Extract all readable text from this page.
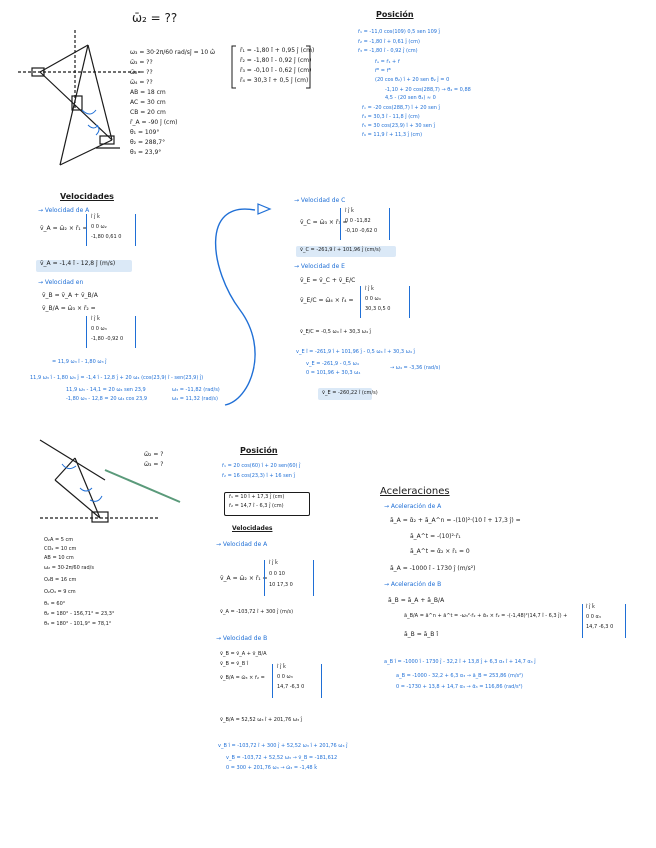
ω̄₂ = ??
ω₃ = 30·2π/60 rad/s
ω̄₃ = ??
ω̄₂ = ??
ω̄₄ = ??
AB = 18 cm
AC = 30 cm
CB = 20 cm
r̄_A = -90 ĵ (cm)
θ₁ = 109°
θ₂ = 288,7°
θ₃ = 23,9°
ĵ = 10 ω̂	r̄₁ = -1,80 î + 0,95 ĵ (cm)
r̄₂ = -1,80 î - 0,92 ĵ (cm)
r̄₃ = -0,10 î - 0,62 ĵ (cm)
r̄₄ = 30,3 î + 0,5 ĵ (cm)
Posición
r̄₁ = -11,0 cos(109) 0,5 sen 109 ĵ
r̄₂ = -1,80 î + 0,61 ĵ (cm)
r̄₃ = -1,80 î - 0,92 ĵ (cm)
r̄ₐ = r̄₁ + r̄
r̄ᴮ = r̄ᴮ
(20 cos θ₂) î + 20 sen θ₂ ĵ = 0
-1,10 + 20 cos(288,7) → θ₂ = 0,88
4,5 - (20 sen θ₂) ≈ 0
r̄ₙ = -20 cos(288,7) î + 20 sen ĵ
r̄₄ = 30,3 î - 11,8 ĵ (cm)
r̄₅ = 30 cos(23,9) î + 30 sen ĵ
r̄₆ = 11,9 î + 11,3 ĵ (cm)
Velocidades
→ Velocidad de A
v̄_A = ω̄₂ × r̄₁ =
î ĵ k̂
0 0 ω₂
-1,80 0,61 0
v̄_A = -1,4 î - 12,8 ĵ (m/s)
→ Velocidad en
v̄_B = v̄_A + v̄_B/A
v̄_B/A = ω̄₃ × r̄₂ =
î ĵ k̂
0 0 ω₃
-1,80 -0,92 0
= 11,9 ω₃ î - 1,80 ω₃ ĵ
11,9 ω₃ î - 1,80 ω₃ ĵ = -1,4 î - 12,8 ĵ + 20 ω₄ (cos(23,9) î - sen(23,9) ĵ)
11,9 ω₃ - 14,1 = 20 ω₄ sen 23,9
-1,80 ω₃ - 12,8 = 20 ω₄ cos 23,9
ω₃ = -11,82 (rad/s)
ω₄ = 11,32 (rad/s)
→ Velocidad de C
v̄_C = ω̄₃ × r̄₃ =
î ĵ k̂
0 0 -11,82
-0,10 -0,62 0
v̄_C = -261,9 î + 101,96 ĵ (cm/s)
→ Velocidad de E
v̄_E = v̄_C + v̄_E/C
v̄_E/C = ω̄₄ × r̄₄ =
î ĵ k̂
0 0 ω₄
30,3 0,5 0
v̄_E/C = -0,5 ω₄ î + 30,3 ω₄ ĵ
v_E î = -261,9 î + 101,96 ĵ - 0,5 ω₄ î + 30,3 ω₄ ĵ
v_E = -261,9 - 0,5 ω₄
0 = 101,96 + 30,3 ω₄
→ ω₄ = -3,36 (rad/s)
v̄_E = -260,22 î (cm/s)
ω̄₂ = ?
ω̄₃ = ?
O₂A = 5 cm
CO₂ = 10 cm
AB = 10 cm
ω₂ = 30·2π/60 rad/s
O₂B = 16 cm
O₂O₄ = 9 cm
θ₁ = 60°
θ₂ = 180° - 156,71° = 23,3°
θ₃ = 180° - 101,9° = 78,1°
Posición
r̄₁ = 20 cos(60) î + 20 sen(60) ĵ
r̄₂ = 16 cos(23,3) î + 16 sen ĵ
r̄₁ = 10 î + 17,3 ĵ (cm)
r̄₂ = 14,7 î - 6,3 ĵ (cm)
Velocidades
→ Velocidad de A
v̄_A = ω̄₂ × r̄₁ =
î ĵ k̂
0 0 10
10 17,3 0
v̄_A = -103,72 î + 300 ĵ (m/s)
→ Velocidad de B
v̄_B = v̄_A + v̄_B/A
v̄_B = v̄_B î
v̄_B/A = ω̄₃ × r̄₂ =
î ĵ k̂
0 0 ω₃
14,7 -6,3 0
v̄_B/A = 52,52 ω₃ î + 201,76 ω₃ ĵ
v_B î = -103,72 î + 300 ĵ + 52,52 ω₃ î + 201,76 ω₃ ĵ
v_B = -103,72 + 52,52 ω₃ → v̄_B = -181,612
0 = 300 + 201,76 ω₃ → ω̄₃ = -1,48 k̂
Aceleraciones
→ Aceleración de A
ā_A = ᾱ₂ + ā_A^n = -(10)²·(10 î + 17,3 ĵ) =
ā_A^t = -(10)²·r̄₁
ā_A^t = ᾱ₂ × r̄₁ = 0
ā_A = -1000 î - 1730 ĵ (m/s²)
→ Aceleración de B
ā_B = ā_A + ā_B/A
ā_B/A = ā^n + ā^t = -ω₃²·r̄₂ + ᾱ₃ × r̄₂ = -(-1,48)²(14,7 î - 6,3 ĵ) +
î ĵ k̂
0 0 α₃
14,7 -6,3 0
ā_B = ā_B î
a_B î = -1000 î - 1730 ĵ - 32,2 î + 13,8 ĵ + 6,3 α₃ î + 14,7 α₃ ĵ
a_B = -1000 - 32,2 + 6,3 α₃ → ā_B = 253,86 (m/s²)
0 = -1730 + 13,8 + 14,7 α₃ → ᾱ₃ = 116,86 (rad/s²)
